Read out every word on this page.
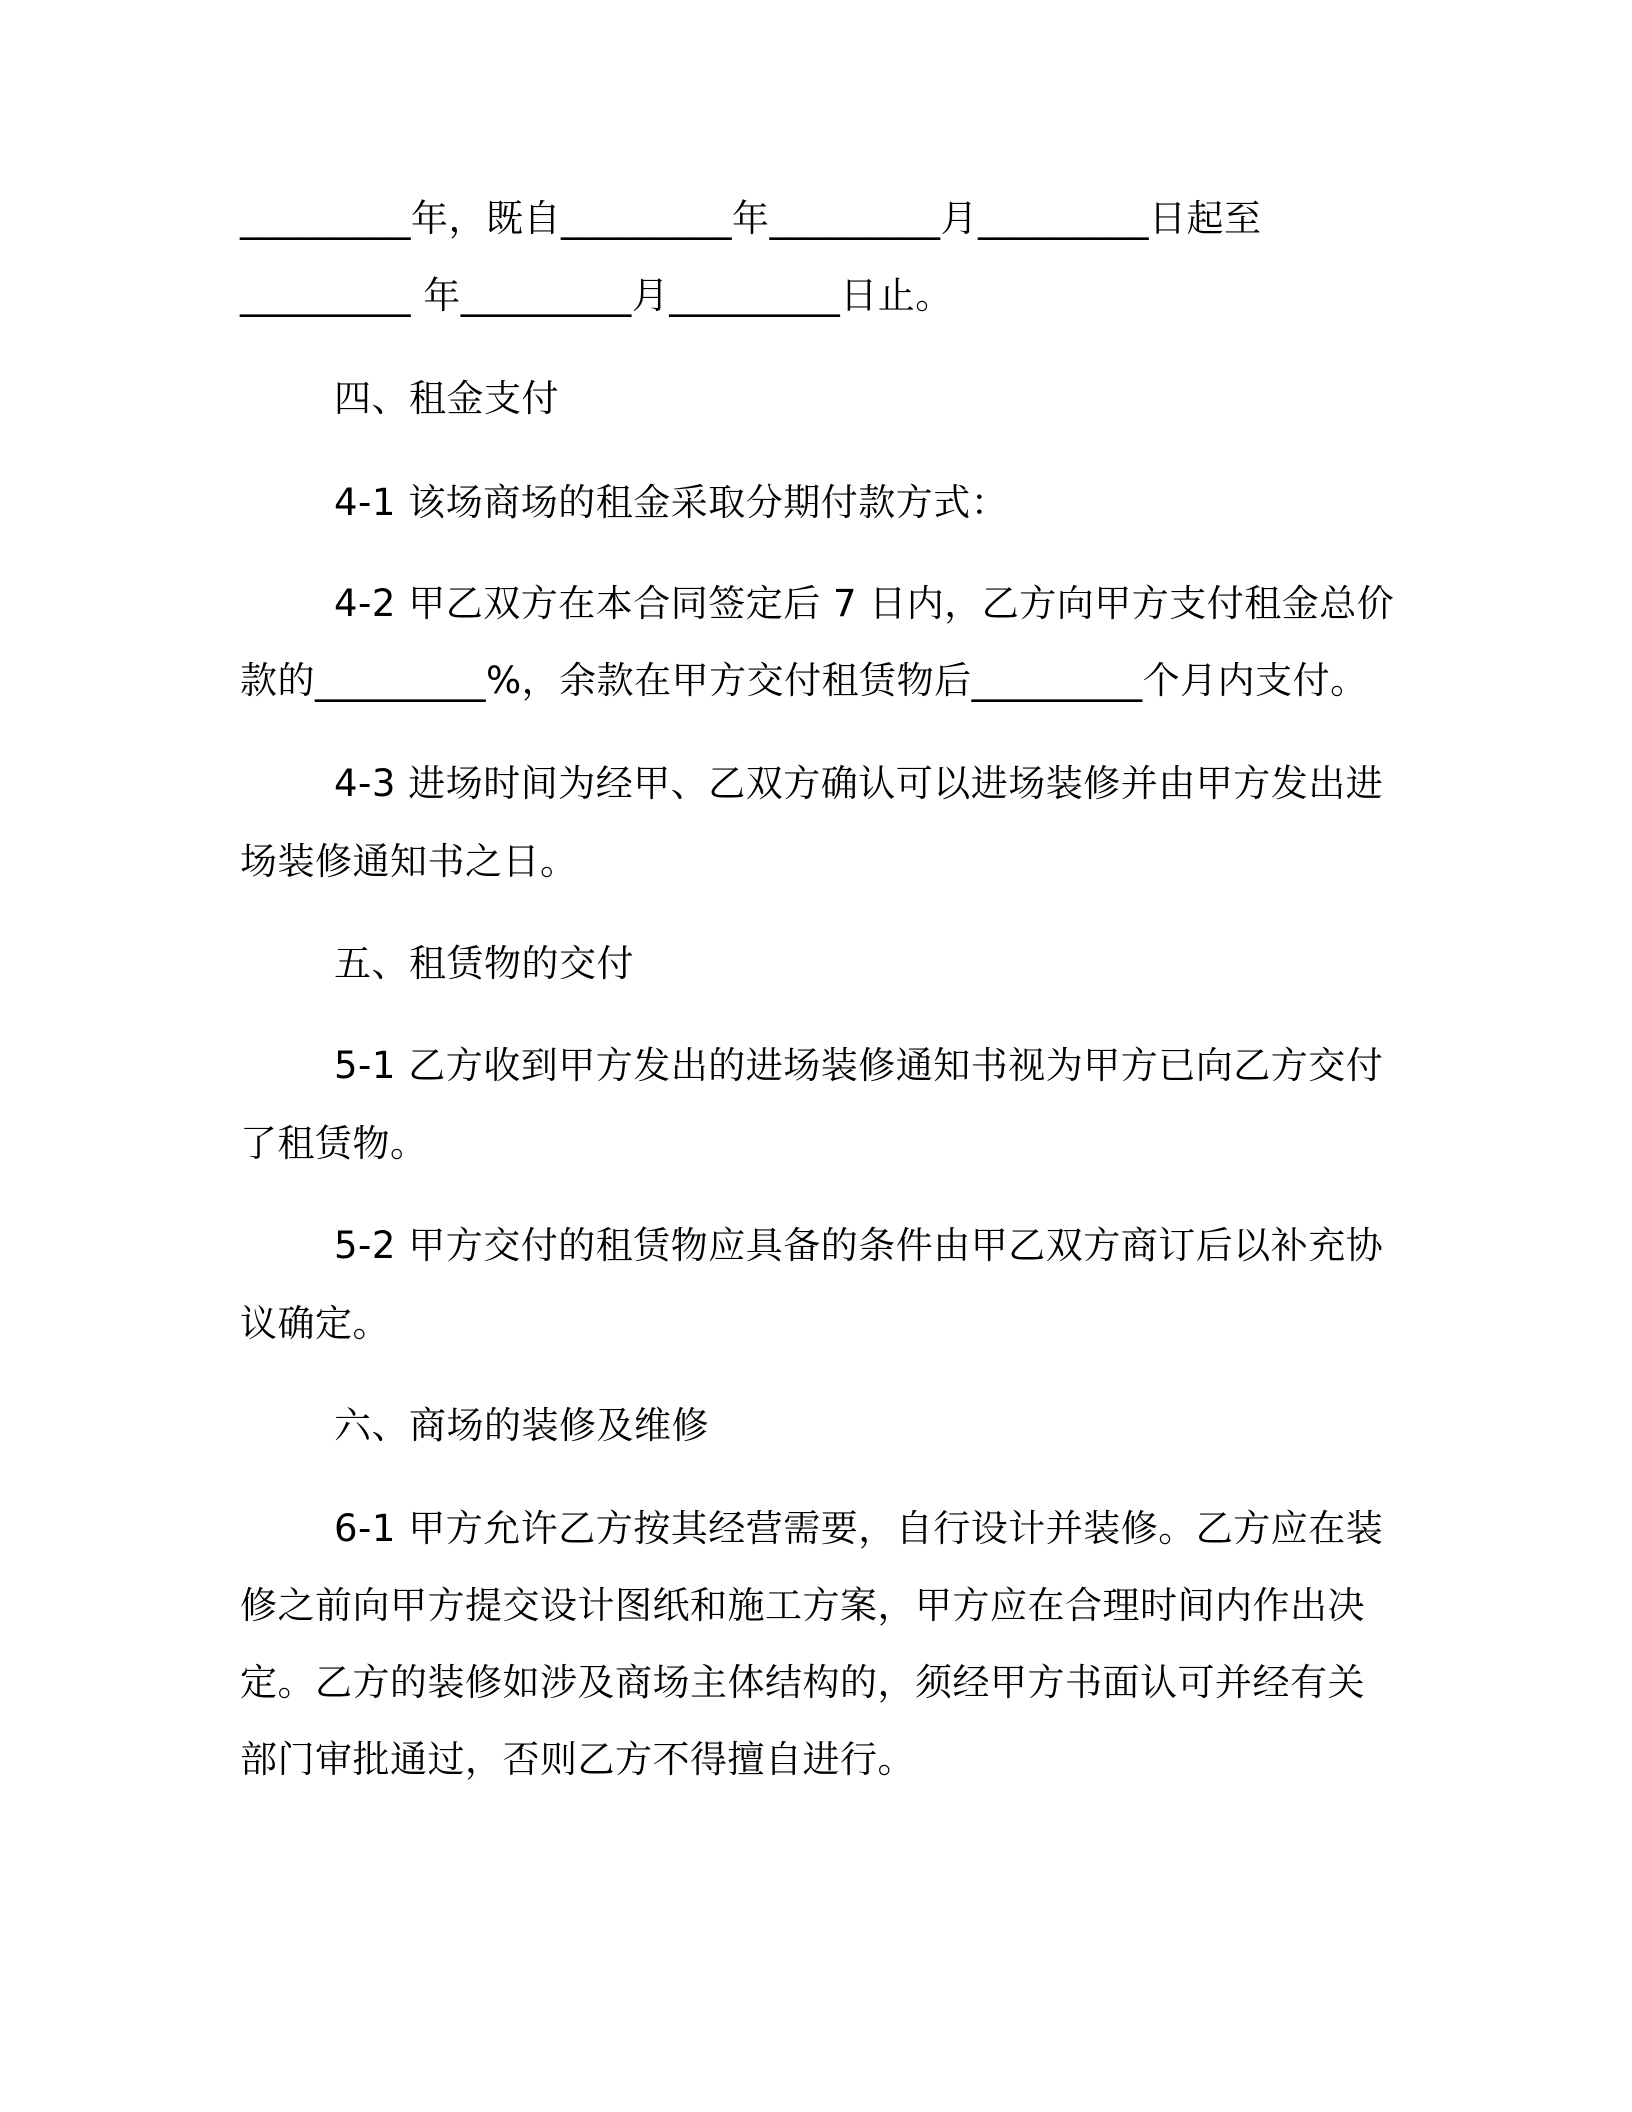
_________年，既自_________年_________月_________日起至
_________ 年_________月_________日止。
四、租金支付
4-1 该场商场的租金采取分期付款方式：
4-2 甲乙双方在本合同签定后 7 日内，乙方向甲方支付租金总价
款的_________%，余款在甲方交付租赁物后_________个月内支付。
4-3 进场时间为经甲、乙双方确认可以进场装修并由甲方发出进
场装修通知书之日。
五、租赁物的交付
5-1 乙方收到甲方发出的进场装修通知书视为甲方已向乙方交付
了租赁物。
5-2 甲方交付的租赁物应具备的条件由甲乙双方商订后以补充协
议确定。
六、商场的装修及维修
6-1 甲方允许乙方按其经营需要，自行设计并装修。乙方应在装
修之前向甲方提交设计图纸和施工方案，甲方应在合理时间内作出决
定。乙方的装修如涉及商场主体结构的，须经甲方书面认可并经有关
部门审批通过，否则乙方不得擅自进行。
